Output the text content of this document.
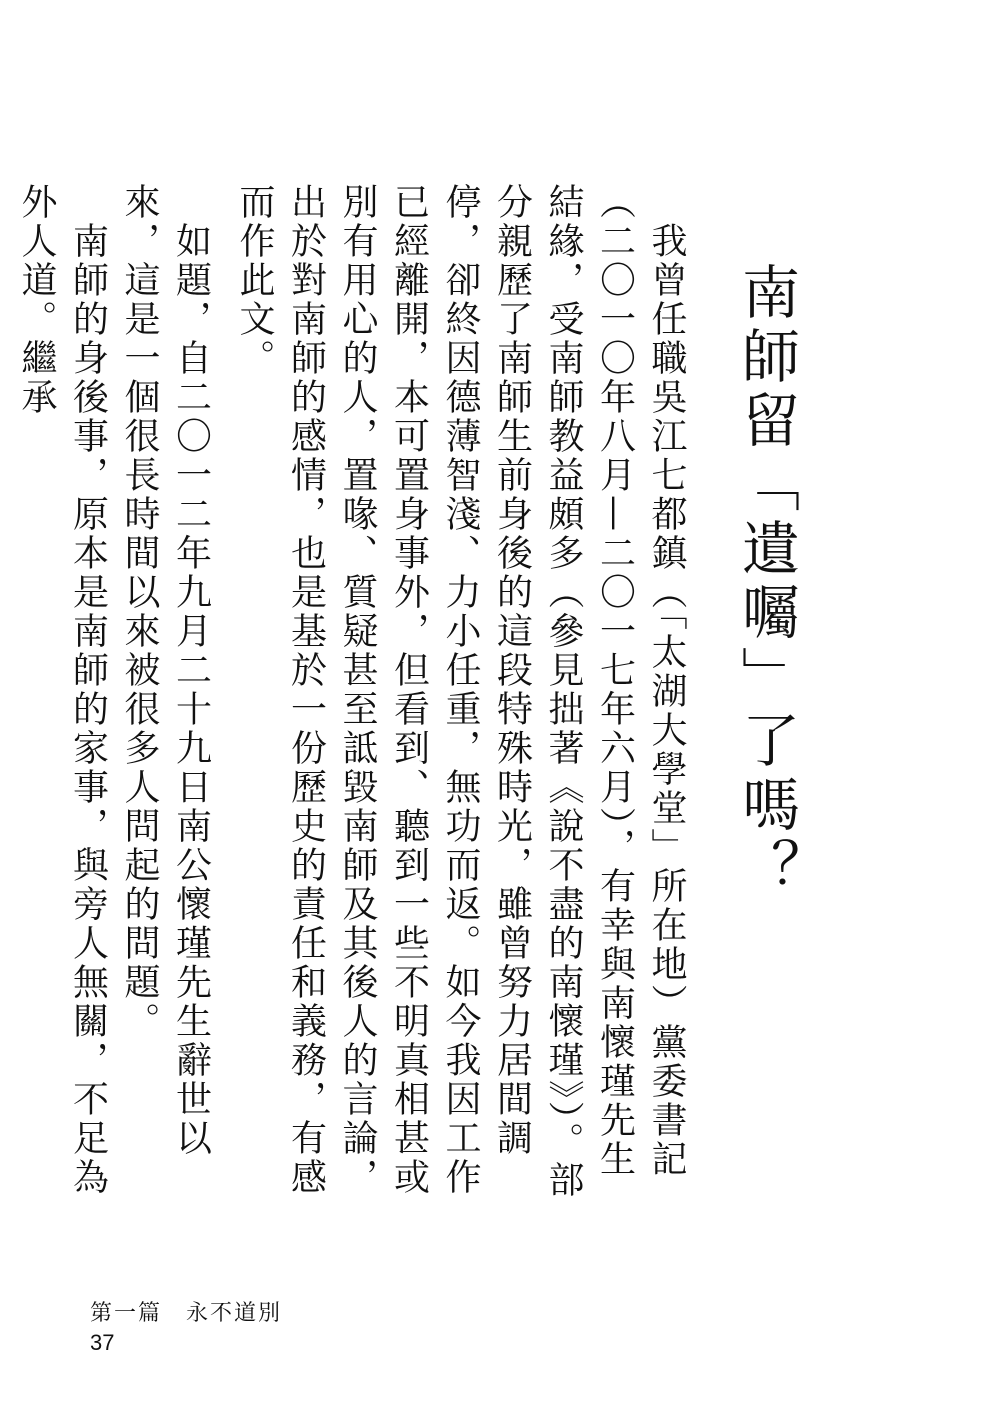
南師留「遺囑」了嗎？

我曾任職吳江七都鎮（「太湖大學堂」所在地）黨委書記（二〇一〇年八月—二〇一七年六月），有幸與南懷瑾先生結緣，受南師教益頗多（參見拙著《說不盡的南懷瑾》）。部分親歷了南師生前身後的這段特殊時光，雖曾努力居間調停，卻終因德薄智淺、力小任重，無功而返。如今我因工作已經離開，本可置身事外，但看到、聽到一些不明真相甚或別有用心的人，置喙、質疑甚至詆毀南師及其後人的言論，出於對南師的感情，也是基於一份歷史的責任和義務，有感而作此文。

如題，自二〇一二年九月二十九日南公懷瑾先生辭世以來，這是一個很長時間以來被很多人問起的問題。

南師的身後事，原本是南師的家事，與旁人無關，不足為外人道。繼承

第一篇　永不道別
37
